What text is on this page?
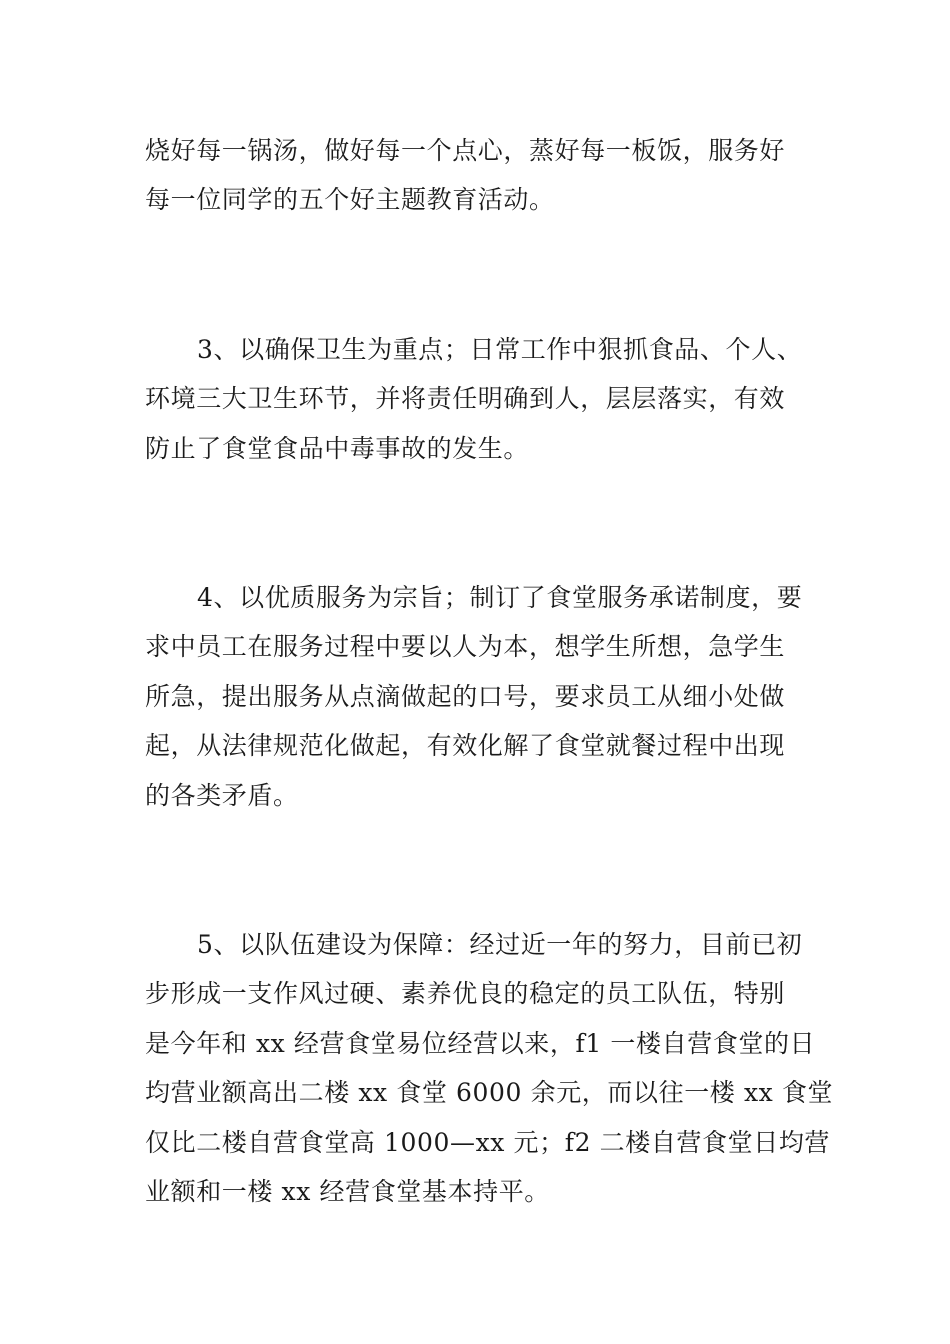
烧好每一锅汤，做好每一个点心，蒸好每一板饭，服务好
每一位同学的五个好主题教育活动。
3、以确保卫生为重点；日常工作中狠抓食品、个人、
环境三大卫生环节，并将责任明确到人，层层落实，有效
防止了食堂食品中毒事故的发生。
4、以优质服务为宗旨；制订了食堂服务承诺制度，要
求中员工在服务过程中要以人为本，想学生所想，急学生
所急，提出服务从点滴做起的口号，要求员工从细小处做
起，从法律规范化做起，有效化解了食堂就餐过程中出现
的各类矛盾。
5、以队伍建设为保障：经过近一年的努力，目前已初
步形成一支作风过硬、素养优良的稳定的员工队伍，特别
是今年和 xx 经营食堂易位经营以来，f1 一楼自营食堂的日
均营业额高出二楼 xx 食堂 6000 余元，而以往一楼 xx 食堂
仅比二楼自营食堂高 1000—xx 元；f2 二楼自营食堂日均营
业额和一楼 xx 经营食堂基本持平。
